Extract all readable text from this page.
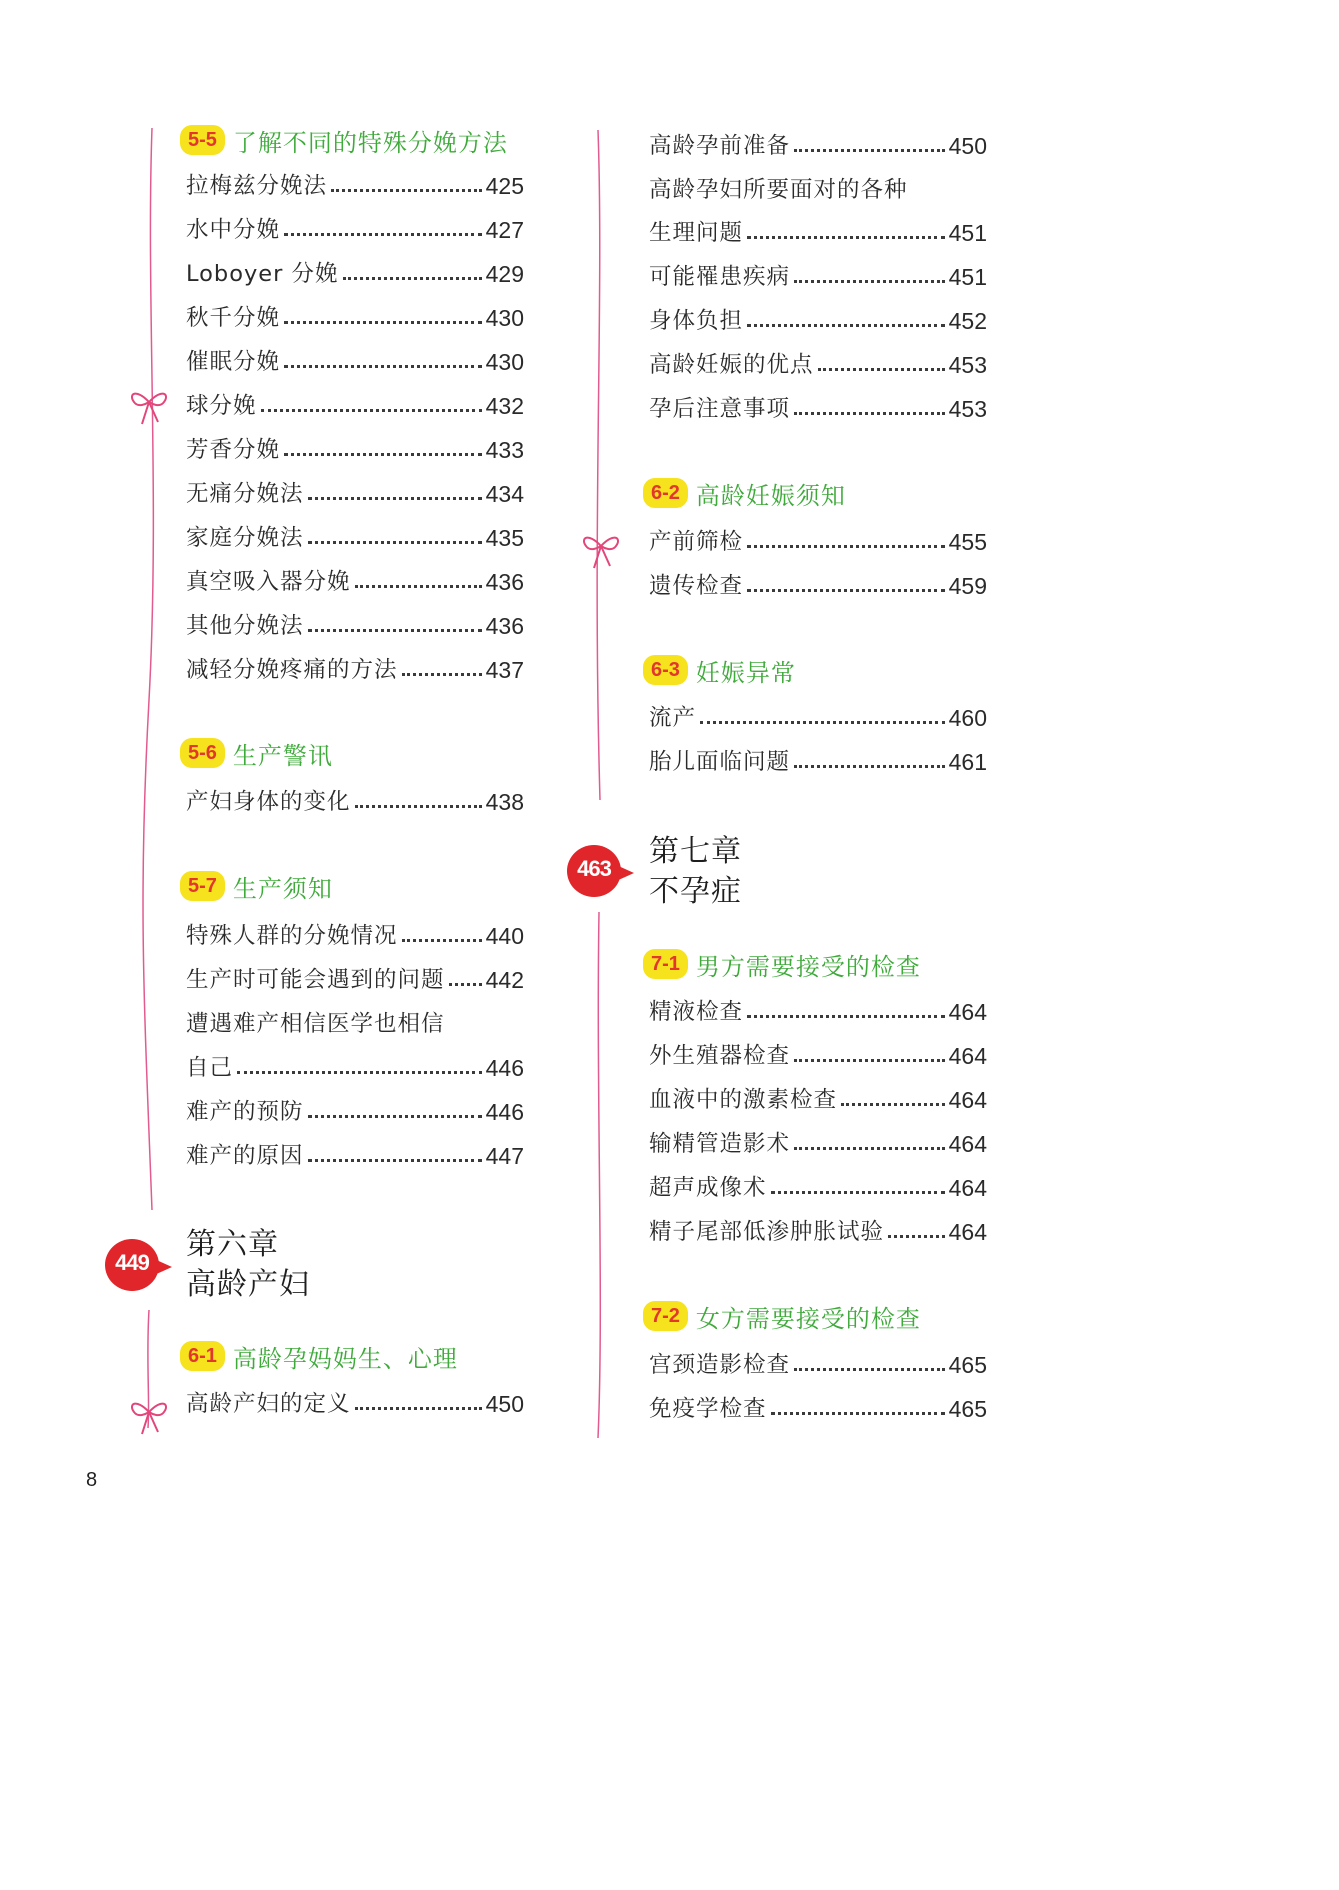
5-5 了解不同的特殊分娩方法
拉梅兹分娩法	425
水中分娩	427
Loboyer 分娩	429
秋千分娩	430
催眠分娩	430
球分娩	432
芳香分娩	433
无痛分娩法	434
家庭分娩法	435
真空吸入器分娩	436
其他分娩法	436
减轻分娩疼痛的方法	437
5-6 生产警讯
产妇身体的变化	438
5-7 生产须知
特殊人群的分娩情况	440
生产时可能会遇到的问题 442
遭遇难产相信医学也相信
自己	446
难产的预防	446
难产的原因	447
第六章
高龄产妇
6-1 高龄孕妈妈生、心理
高龄产妇的定义	450
449
463
高龄孕前准备	450
高龄孕妇所要面对的各种
生理问题	451
可能罹患疾病	451
身体负担	452
高龄妊娠的优点	453
孕后注意事项	453
6-2 高龄妊娠须知
产前筛检	455
遗传检查	459
6-3 妊娠异常
流产	460
胎儿面临问题	461
第七章
不孕症
7-1 男方需要接受的检查
精液检查	464
外生殖器检查	464
血液中的激素检查	464
输精管造影术	464
超声成像术	464
精子尾部低渗肿胀试验	464
7-2 女方需要接受的检查
宫颈造影检查	465
免疫学检查	465
8
